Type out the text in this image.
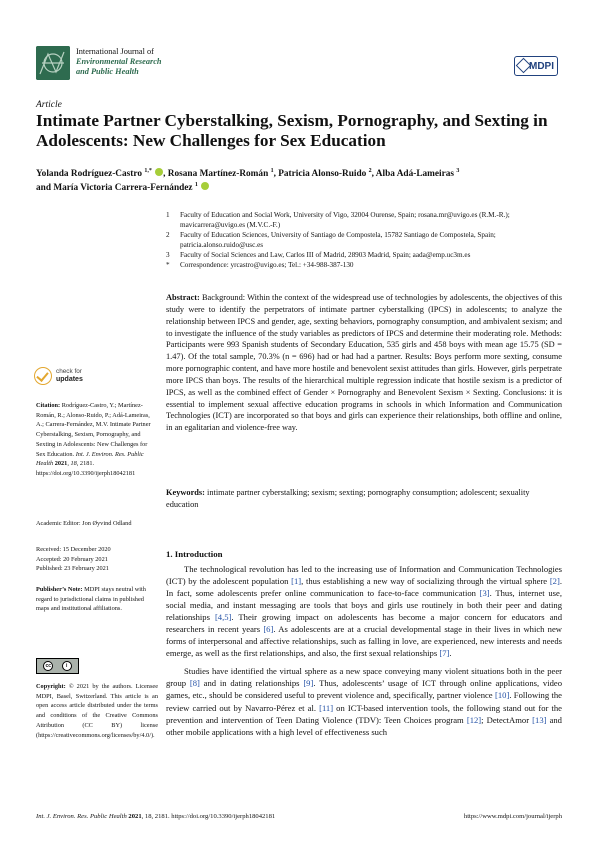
International Journal of
Environmental Research
and Public Health
MDPI
Article
Intimate Partner Cyberstalking, Sexism, Pornography, and Sexting in Adolescents: New Challenges for Sex Education
Yolanda Rodríguez-Castro $^{1,*}$ , Rosana Martínez-Román $^1$, Patricia Alonso-Ruido $^2$, Alba Adá-Lameiras $^3$
and María Victoria Carrera-Fernández $^1$
1	Faculty of Education and Social Work, University of Vigo, 32004 Ourense, Spain; rosana.mr@uvigo.es (R.M.-R.); mavicarrera@uvigo.es (M.V.C.-F.)
2	Faculty of Education Sciences, University of Santiago de Compostela, 15782 Santiago de Compostela, Spain; patricia.alonso.ruido@usc.es
3	Faculty of Social Sciences and Law, Carlos III of Madrid, 28903 Madrid, Spain; aada@emp.uc3m.es
*	Correspondence: yrcastro@uvigo.es; Tel.: +34-988-387-130
Abstract: Background: Within the context of the widespread use of technologies by adolescents, the objectives of this study were to identify the perpetrators of intimate partner cyberstalking (IPCS) in adolescents; to analyze the relationship between IPCS and gender, age, sexting behaviors, pornography consumption, and ambivalent sexism; and to investigate the influence of the study variables as predictors of IPCS and determine their moderating role. Methods: Participants were 993 Spanish students of Secondary Education, 535 girls and 458 boys with mean age 15.75 (SD = 1.47). Of the total sample, 70.3% (n = 696) had or had had a partner. Results: Boys perform more sexting, consume more pornographic content, and have more hostile and benevolent sexist attitudes than girls. However, girls perpetrate more IPCS than boys. The results of the hierarchical multiple regression indicate that hostile sexism is a predictor of IPCS, as well as the combined effect of Gender × Pornography and Benevolent Sexism × Sexting. Conclusions: it is essential to implement sexual affective education programs in schools in which Information and Communication Technologies (ICT) are incorporated so that boys and girls can experience their relationships, both offline and online, in an egalitarian and violence-free way.
Keywords: intimate partner cyberstalking; sexism; sexting; pornography consumption; adolescent; sexuality education
1. Introduction

The technological revolution has led to the increasing use of Information and Communication Technologies (ICT) by the adolescent population [1], thus establishing a new way of socializing through the virtual sphere [2]. In fact, some adolescents prefer online communication to face-to-face communication [3]. Thus, internet use, social media, and instant messaging are tools that boys and girls use routinely in both their peer and dating relationships [4,5]. Their growing impact on adolescents has become a major concern for educators and researchers in recent years [6]. As adolescents are at a crucial developmental stage in their lives in which new forms of interpersonal and affective relationships, such as falling in love, are experienced, new interests and needs emerge, as well as the first relationships, and also, the first sexual relationships [7].

Studies have identified the virtual sphere as a new space conveying many violent situations both in the peer group [8] and in dating relationships [9]. Thus, adolescents’ usage of ICT through online applications, video games, etc., should be considered useful to prevent violence and, specifically, partner violence [10]. Following the review carried out by Navarro-Pérez et al. [11] on ICT-based intervention tools, the following stand out for the prevention and intervention of Teen Dating Violence (TDV): Teen Choices program [12]; DetectAmor [13] and other mobile applications with a high level of effectiveness such

check for
updates
Citation: Rodríguez-Castro, Y.; Martínez-Román, R.; Alonso-Ruido, P.; Adá-Lameiras, A.; Carrera-Fernández, M.V. Intimate Partner Cyberstalking, Sexism, Pornography, and Sexting in Adolescents: New Challenges for Sex Education. Int. J. Environ. Res. Public Health 2021, 18, 2181. https://doi.org/10.3390/ijerph18042181
Academic Editor: Jon Øyvind Odland
Received: 15 December 2020
Accepted: 20 February 2021
Published: 23 February 2021
Publisher’s Note: MDPI stays neutral with regard to jurisdictional claims in published maps and institutional affiliations.
cc	i
Copyright: © 2021 by the authors. Licensee MDPI, Basel, Switzerland. This article is an open access article distributed under the terms and conditions of the Creative Commons Attribution (CC BY) license (https://creativecommons.org/licenses/by/4.0/).
Int. J. Environ. Res. Public Health 2021, 18, 2181. https://doi.org/10.3390/ijerph18042181	https://www.mdpi.com/journal/ijerph
